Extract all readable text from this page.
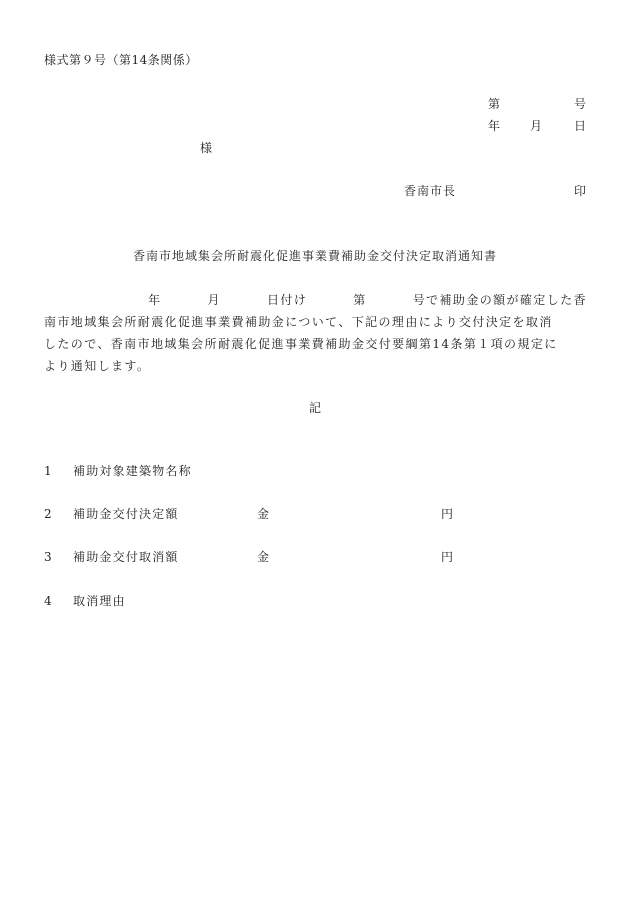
様式第９号（第14条関係）
第	号
年 月	日
様
香南市長	印
香南市地域集会所耐震化促進事業費補助金交付決定取消通知書
年	月	日付け	第	号で補助金の額が確定した香
南市地域集会所耐震化促進事業費補助金について、下記の理由により交付決定を取消
したので、香南市地域集会所耐震化促進事業費補助金交付要綱第14条第１項の規定に
より通知します。
記
1 補助対象建築物名称
2 補助金交付決定額	金	円
3 補助金交付取消額	金	円
4 取消理由
